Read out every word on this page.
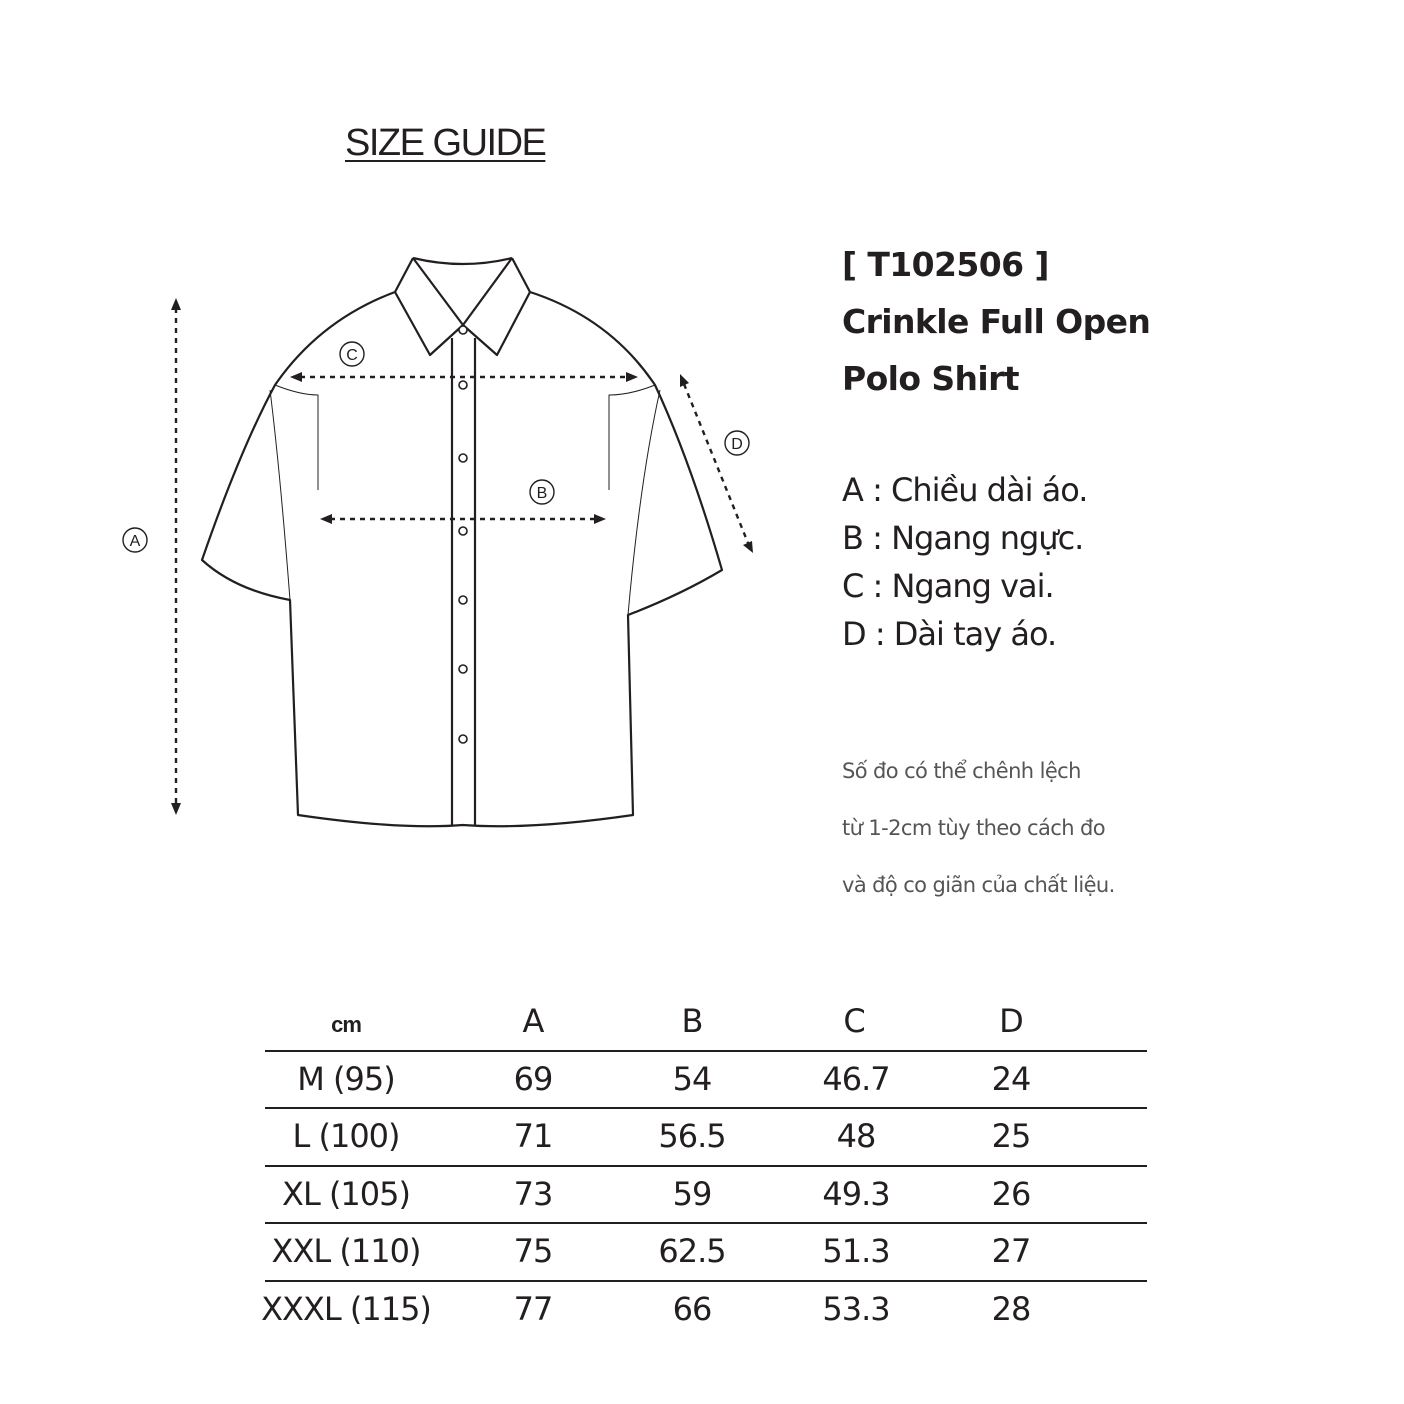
SIZE GUIDE
A
C
B
D
[ T102506 ]
Crinkle Full Open
Polo Shirt
A : Chiều dài áo.
B : Ngang ngực.
C : Ngang vai.
D : Dài tay áo.
Số đo có thể chênh lệch
từ 1-2cm tùy theo cách đo
và độ co giãn của chất liệu.
cm	A	B	C	D
M (95)	69	54	46.7	24
L (100)	71	56.5	48	25
XL (105)	73	59	49.3	26
XXL (110)	75	62.5	51.3	27
XXXL (115)	77	66	53.3	28
